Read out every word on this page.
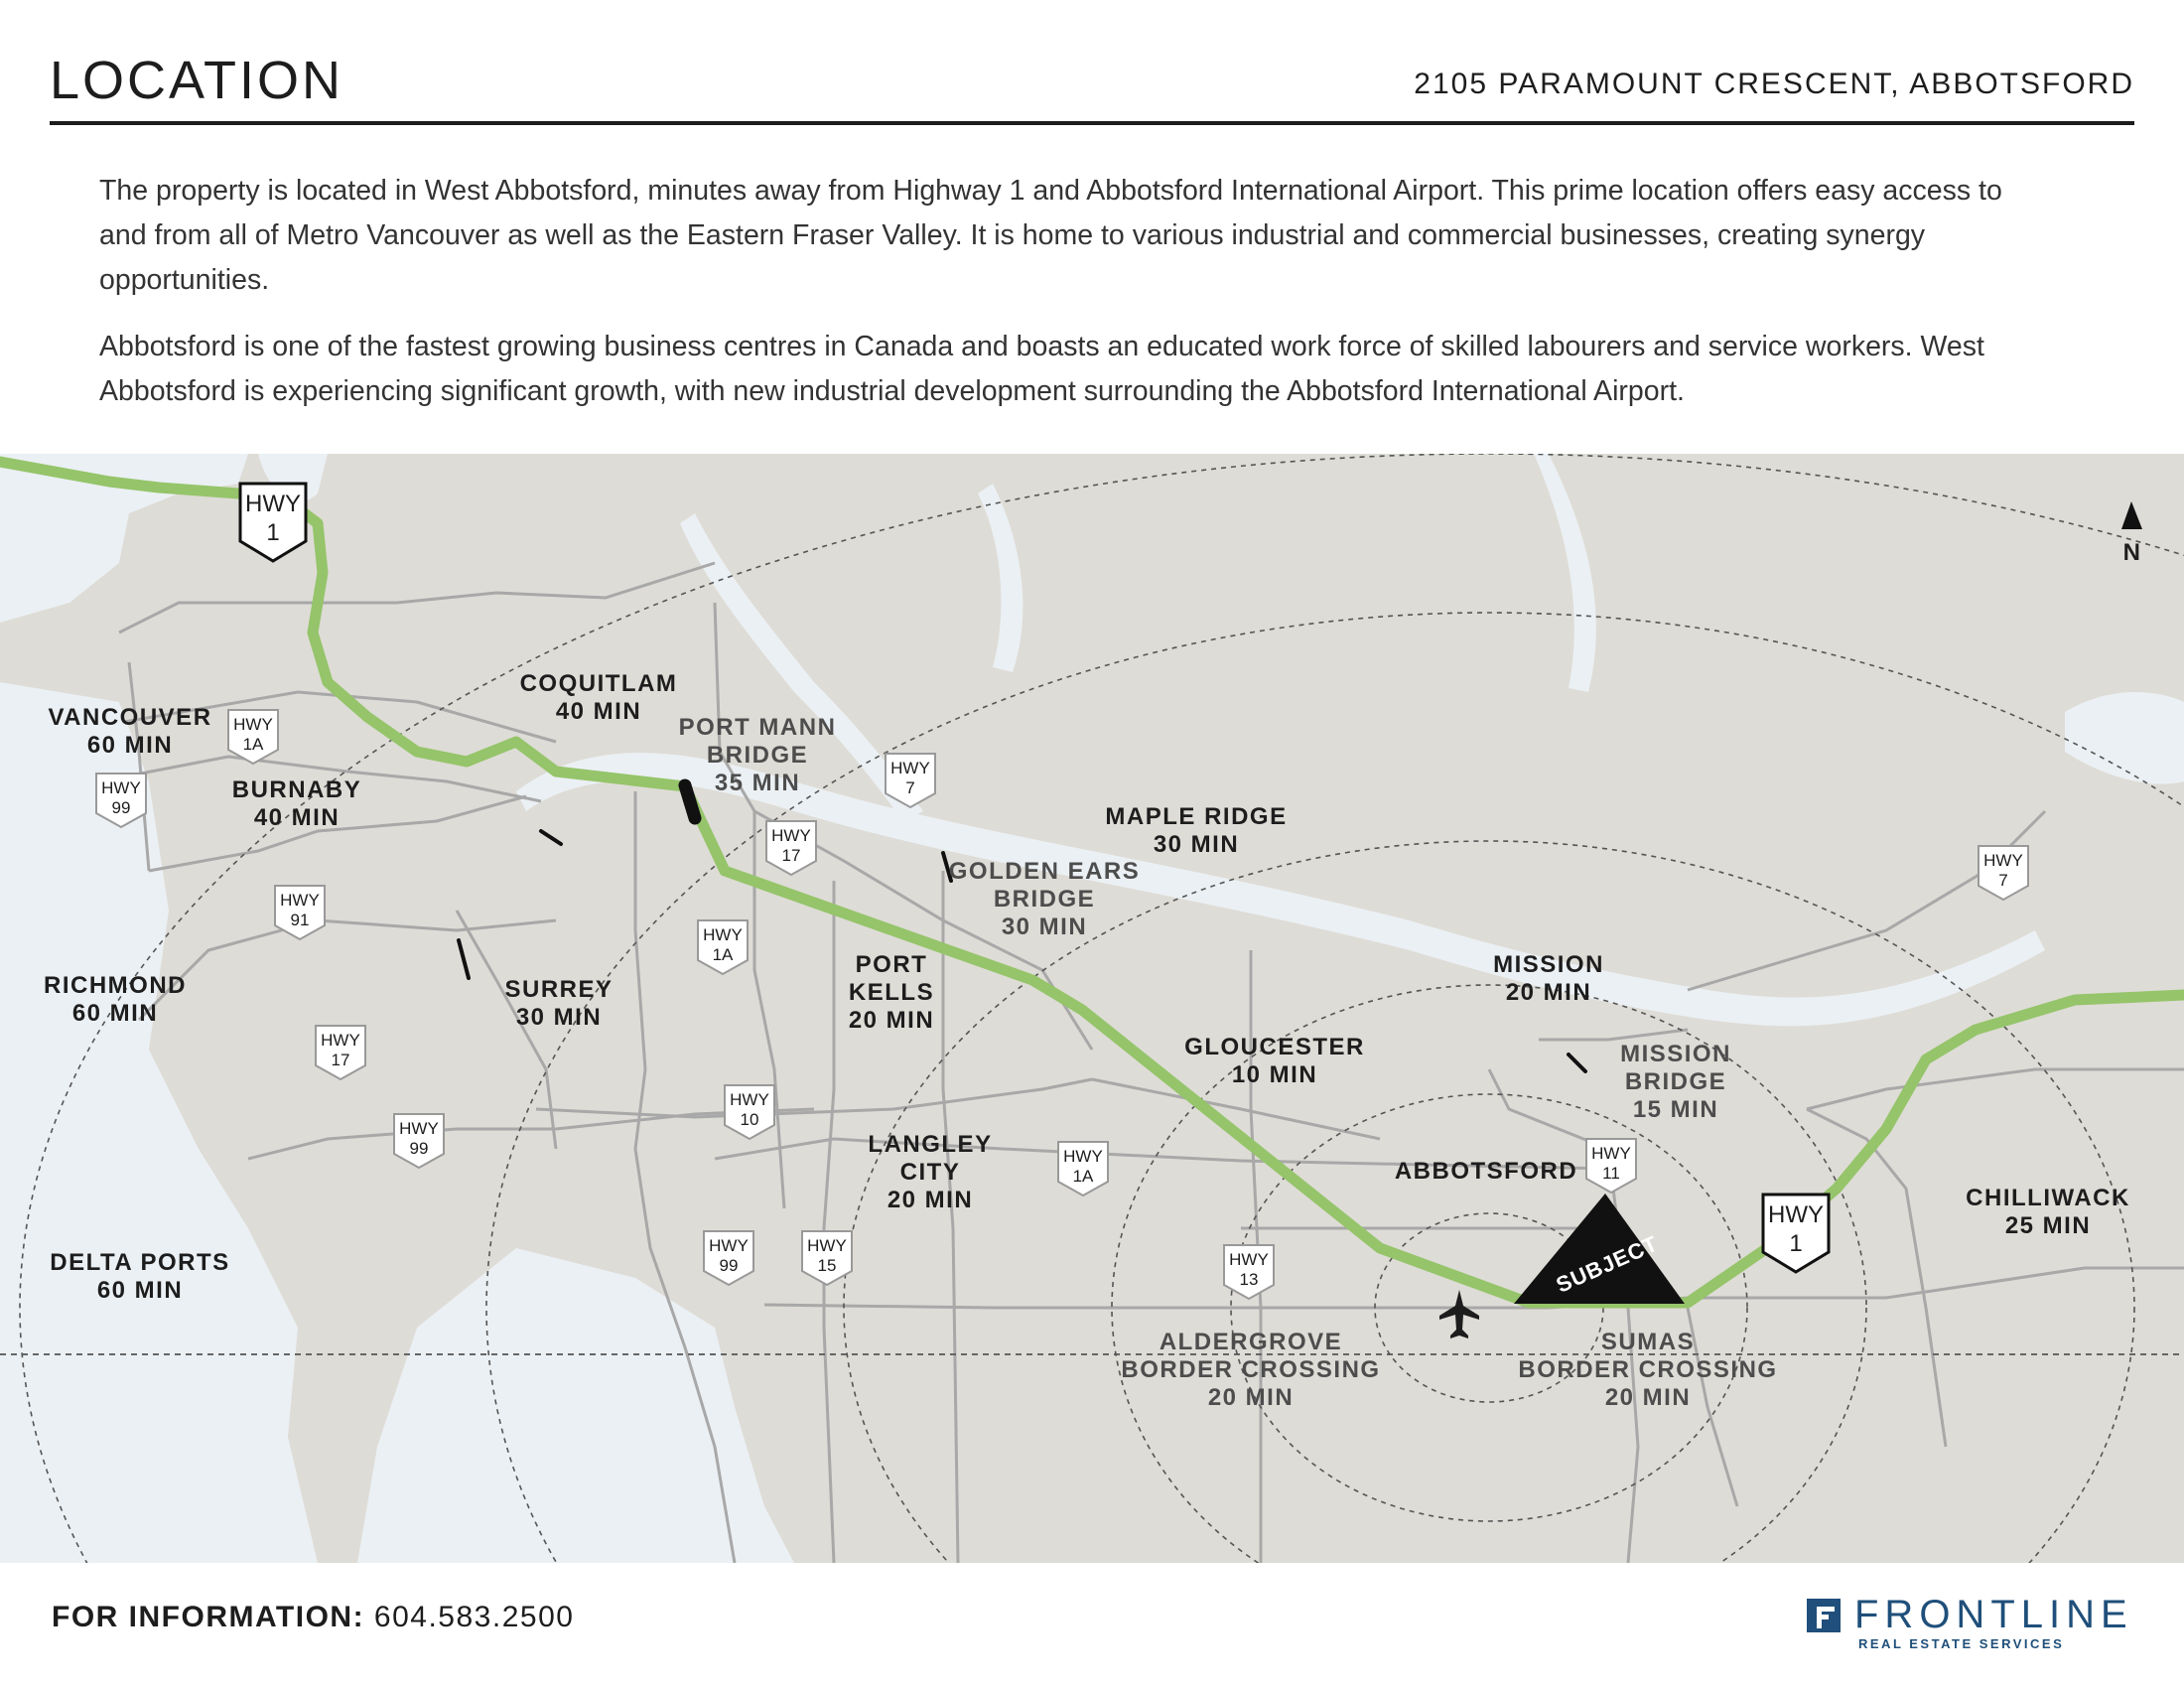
LOCATION	2105 PARAMOUNT CRESCENT, ABBOTSFORD

The property is located in West Abbotsford, minutes away from Highway 1 and Abbotsford International Airport. This prime location offers easy access to and from all of Metro Vancouver as well as the Eastern Fraser Valley. It is home to various industrial and commercial businesses, creating synergy opportunities.

Abbotsford is one of the fastest growing business centres in Canada and boasts an educated work force of skilled labourers and service workers. West Abbotsford is experiencing significant growth, with new industrial development surrounding the Abbotsford International Airport.

SUBJECT
N
HWY
1
HWY
1
HWY
1A
HWY
99
HWY
91
HWY
17
HWY
99
HWY
7
HWY
17
HWY
1A
HWY
10
HWY
99
HWY
15
HWY
1A
HWY
13
HWY
11
HWY
7
VANCOUVER
60 MIN
COQUITLAM
40 MIN
BURNABY
40 MIN
RICHMOND
60 MIN
SURREY
30 MIN
DELTA PORTS
60 MIN
MAPLE RIDGE
30 MIN
MISSION
20 MIN
GLOUCESTER
10 MIN
ABBOTSFORD
CHILLIWACK
25 MIN
PORT
KELLS
20 MIN
LANGLEY
CITY
20 MIN
PORT MANN
BRIDGE
35 MIN
GOLDEN EARS
BRIDGE
30 MIN
MISSION
BRIDGE
15 MIN
ALDERGROVE
BORDER CROSSING
20 MIN
SUMAS
BORDER CROSSING
20 MIN
FOR INFORMATION: 604.583.2500	FRONTLINE
REAL ESTATE SERVICES
